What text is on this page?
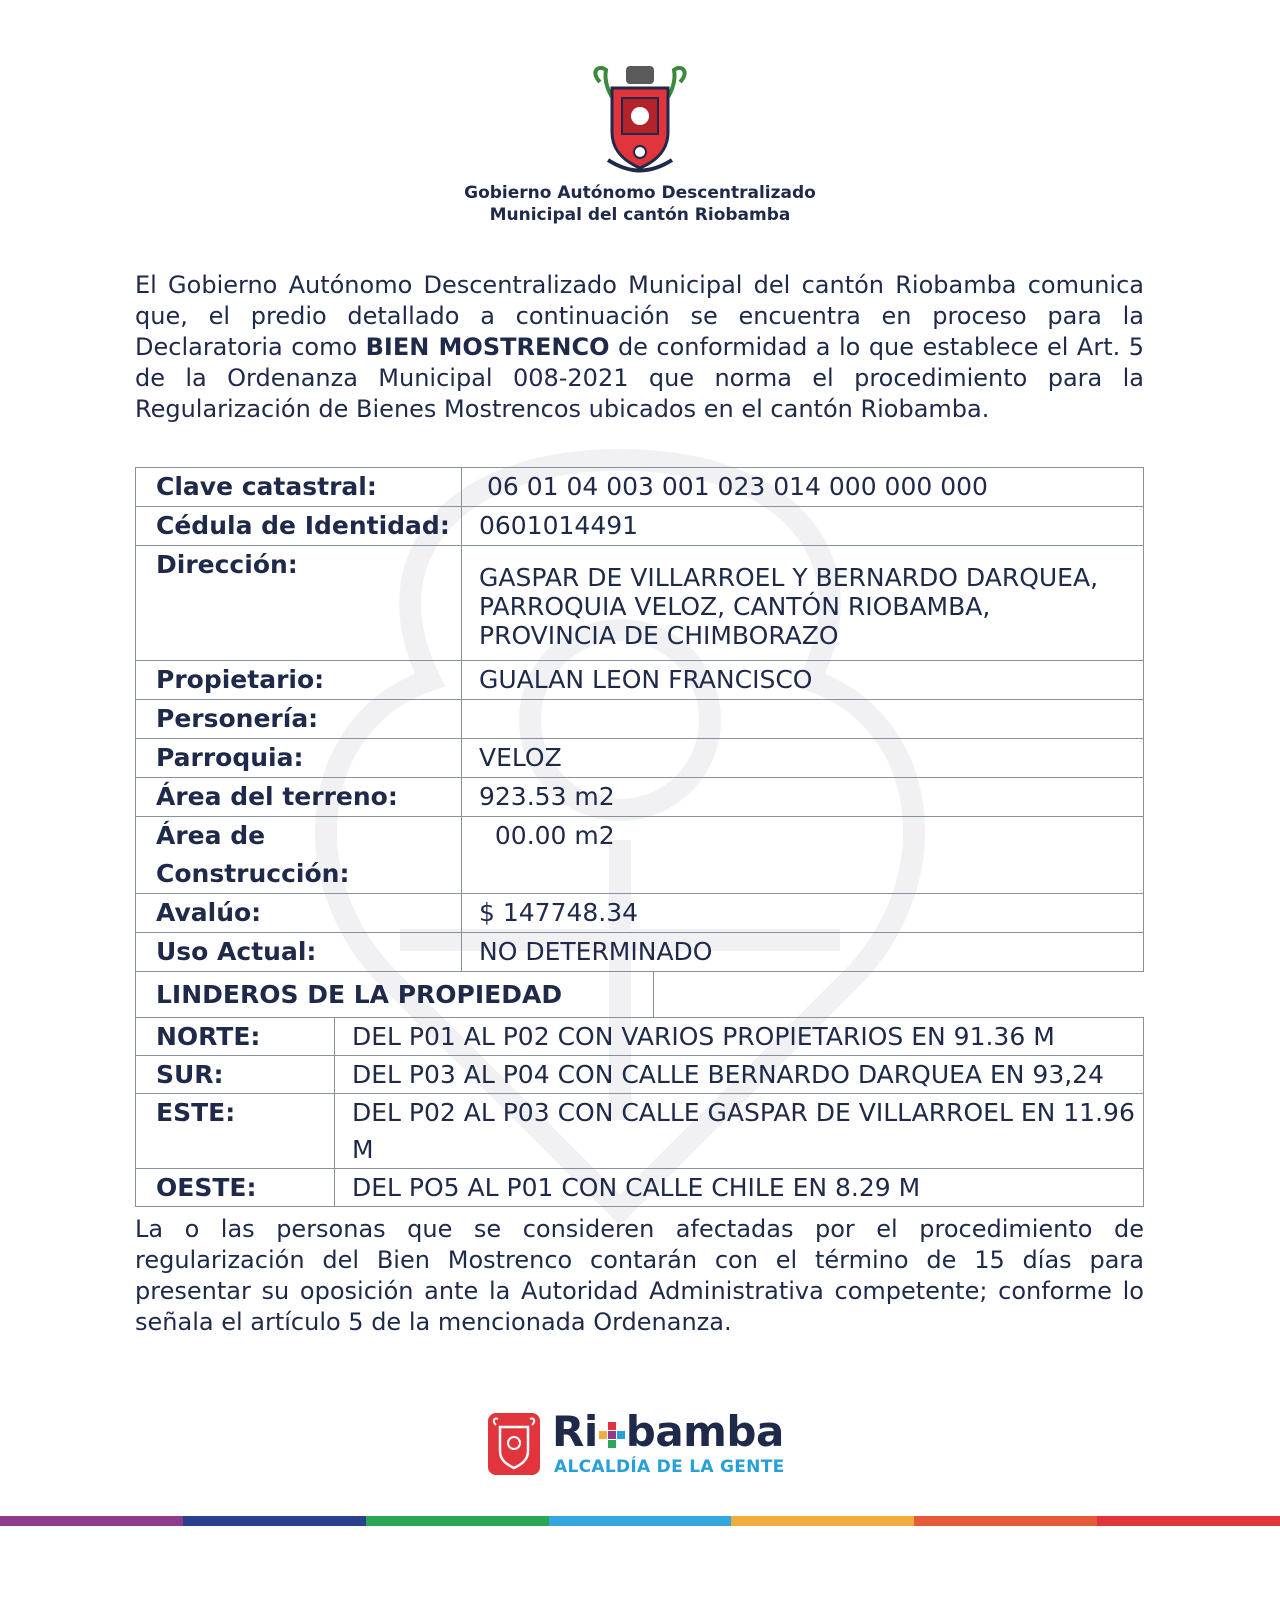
Gobierno Autónomo Descentralizado
Municipal del cantón Riobamba

El Gobierno Autónomo Descentralizado Municipal del cantón Riobamba comunica que, el predio detallado a continuación se encuentra en proceso para la Declaratoria como BIEN MOSTRENCO de conformidad a lo que establece el Art. 5 de la Ordenanza Municipal 008-2021 que norma el procedimiento para la Regularización de Bienes Mostrencos ubicados en el cantón Riobamba.

Clave catastral:	06 01 04 003 001 023 014 000 000 000
Cédula de Identidad:	0601014491
Dirección:	GASPAR DE VILLARROEL Y BERNARDO DARQUEA, PARROQUIA VELOZ, CANTÓN RIOBAMBA, PROVINCIA DE CHIMBORAZO
Propietario:	GUALAN LEON FRANCISCO
Personería:	
Parroquia:	VELOZ
Área del terreno:	923.53 m2
Área de Construcción:	00.00 m2
Avalúo:	$ 147748.34
Uso Actual:	NO DETERMINADO
LINDEROS DE LA PROPIEDAD
NORTE:	DEL P01 AL P02 CON VARIOS PROPIETARIOS EN 91.36 M
SUR:	DEL P03 AL P04 CON CALLE BERNARDO DARQUEA EN 93,24
ESTE:	DEL P02 AL P03 CON CALLE GASPAR DE VILLARROEL EN 11.96 M
OESTE:	DEL PO5 AL P01 CON CALLE CHILE EN 8.29 M

La o las personas que se consideren afectadas por el procedimiento de regularización del Bien Mostrenco contarán con el término de 15 días para presentar su oposición ante la Autoridad Administrativa competente; conforme lo señala el artículo 5 de la mencionada Ordenanza.

Ri bamba
ALCALDÍA DE LA GENTE
